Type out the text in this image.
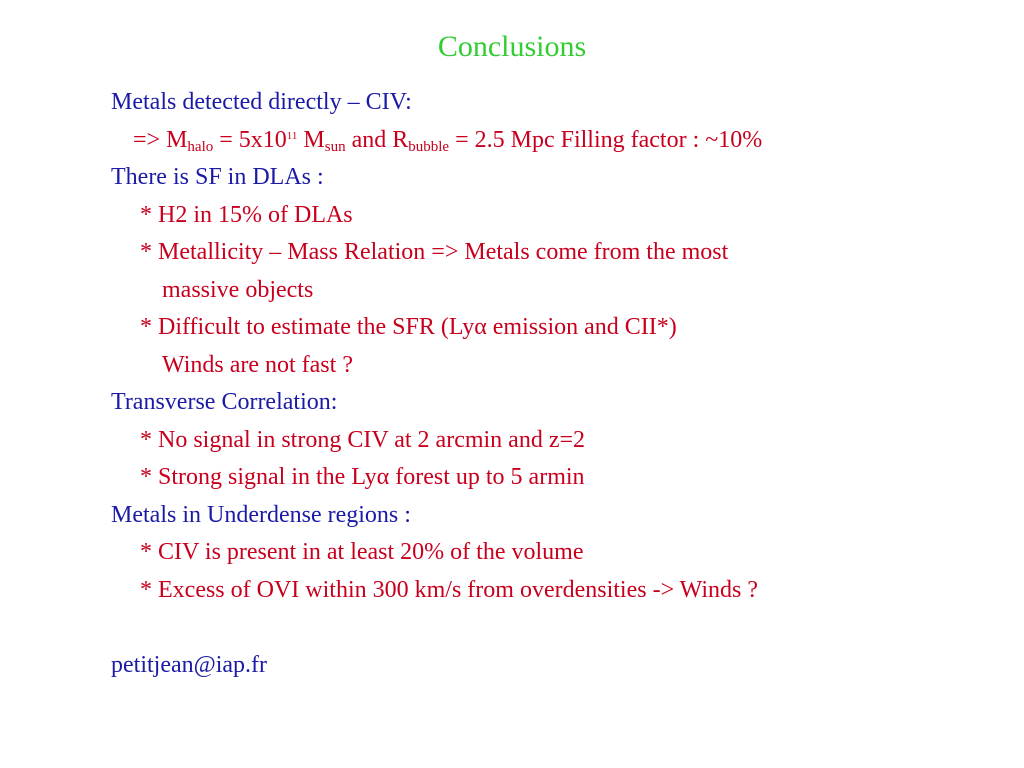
Conclusions
Metals detected directly – CIV:
=> $M_{halo} = 5x10^{11}$ $M_{sun}$ and $R_{bubble} = 2.5$ Mpc Filling factor : ~10%
There is SF in DLAs :
* H2 in 15% of DLAs
* Metallicity – Mass Relation => Metals come from the most
massive objects
* Difficult to estimate the SFR (Lyα emission and CII*)
Winds are not fast ?
Transverse Correlation:
* No signal in strong CIV at 2 arcmin and z=2
* Strong signal in the Lyα forest up to 5 armin
Metals in Underdense regions :
* CIV is present in at least 20% of the volume
* Excess of OVI within 300 km/s from overdensities -> Winds ?
petitjean@iap.fr
